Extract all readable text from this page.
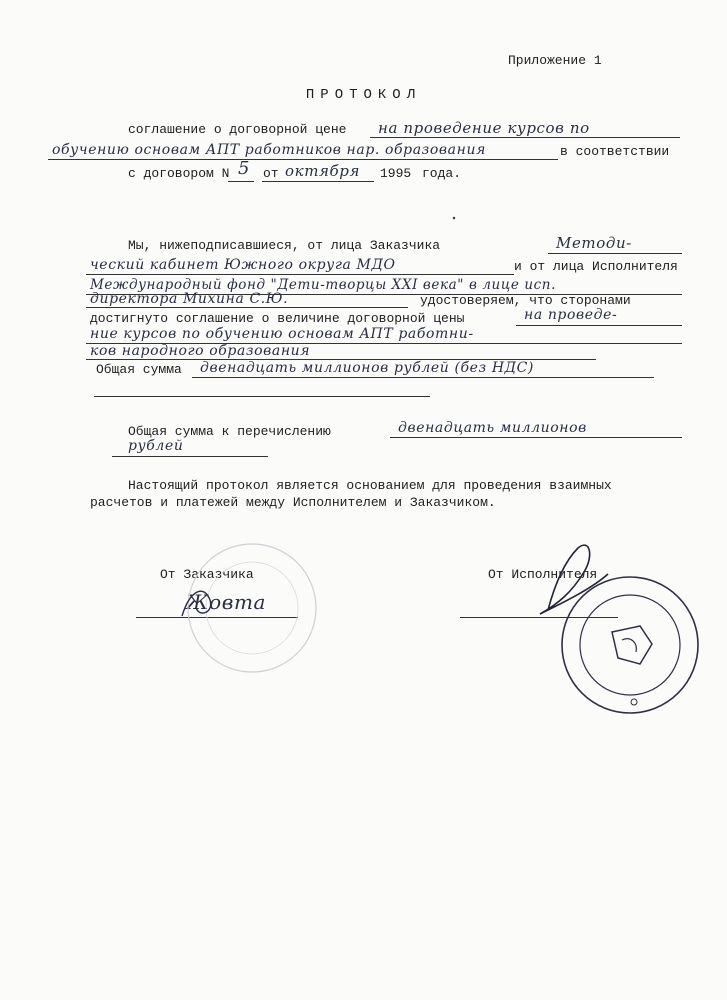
Приложение 1
ПРОТОКОЛ
соглашение о договорной цене на проведение курсов по
обучению основам АПТ работников нар. образования	в соответствии
с договором N 5 от октября 1995 года.
Мы, нижеподписавшиеся, от лица Заказчика	Методи-
ческий кабинет Южного округа МДО	и от лица Исполнителя
Международный фонд "Дети-творцы XXI века" в лице исп.
директора Михина С.Ю.	удостоверяем, что сторонами
достигнуто соглашение о величине договорной цены	на проведе-
ние курсов по обучению основам АПТ работни-
ков народного образования
Общая сумма двенадцать миллионов рублей (без НДС)
Общая сумма к перечислению	двенадцать миллионов
рублей
Настоящий протокол является основанием для проведения взаимных
расчетов и платежей между Исполнителем и Заказчиком.
От Заказчика
Жовта
От Исполнителя
